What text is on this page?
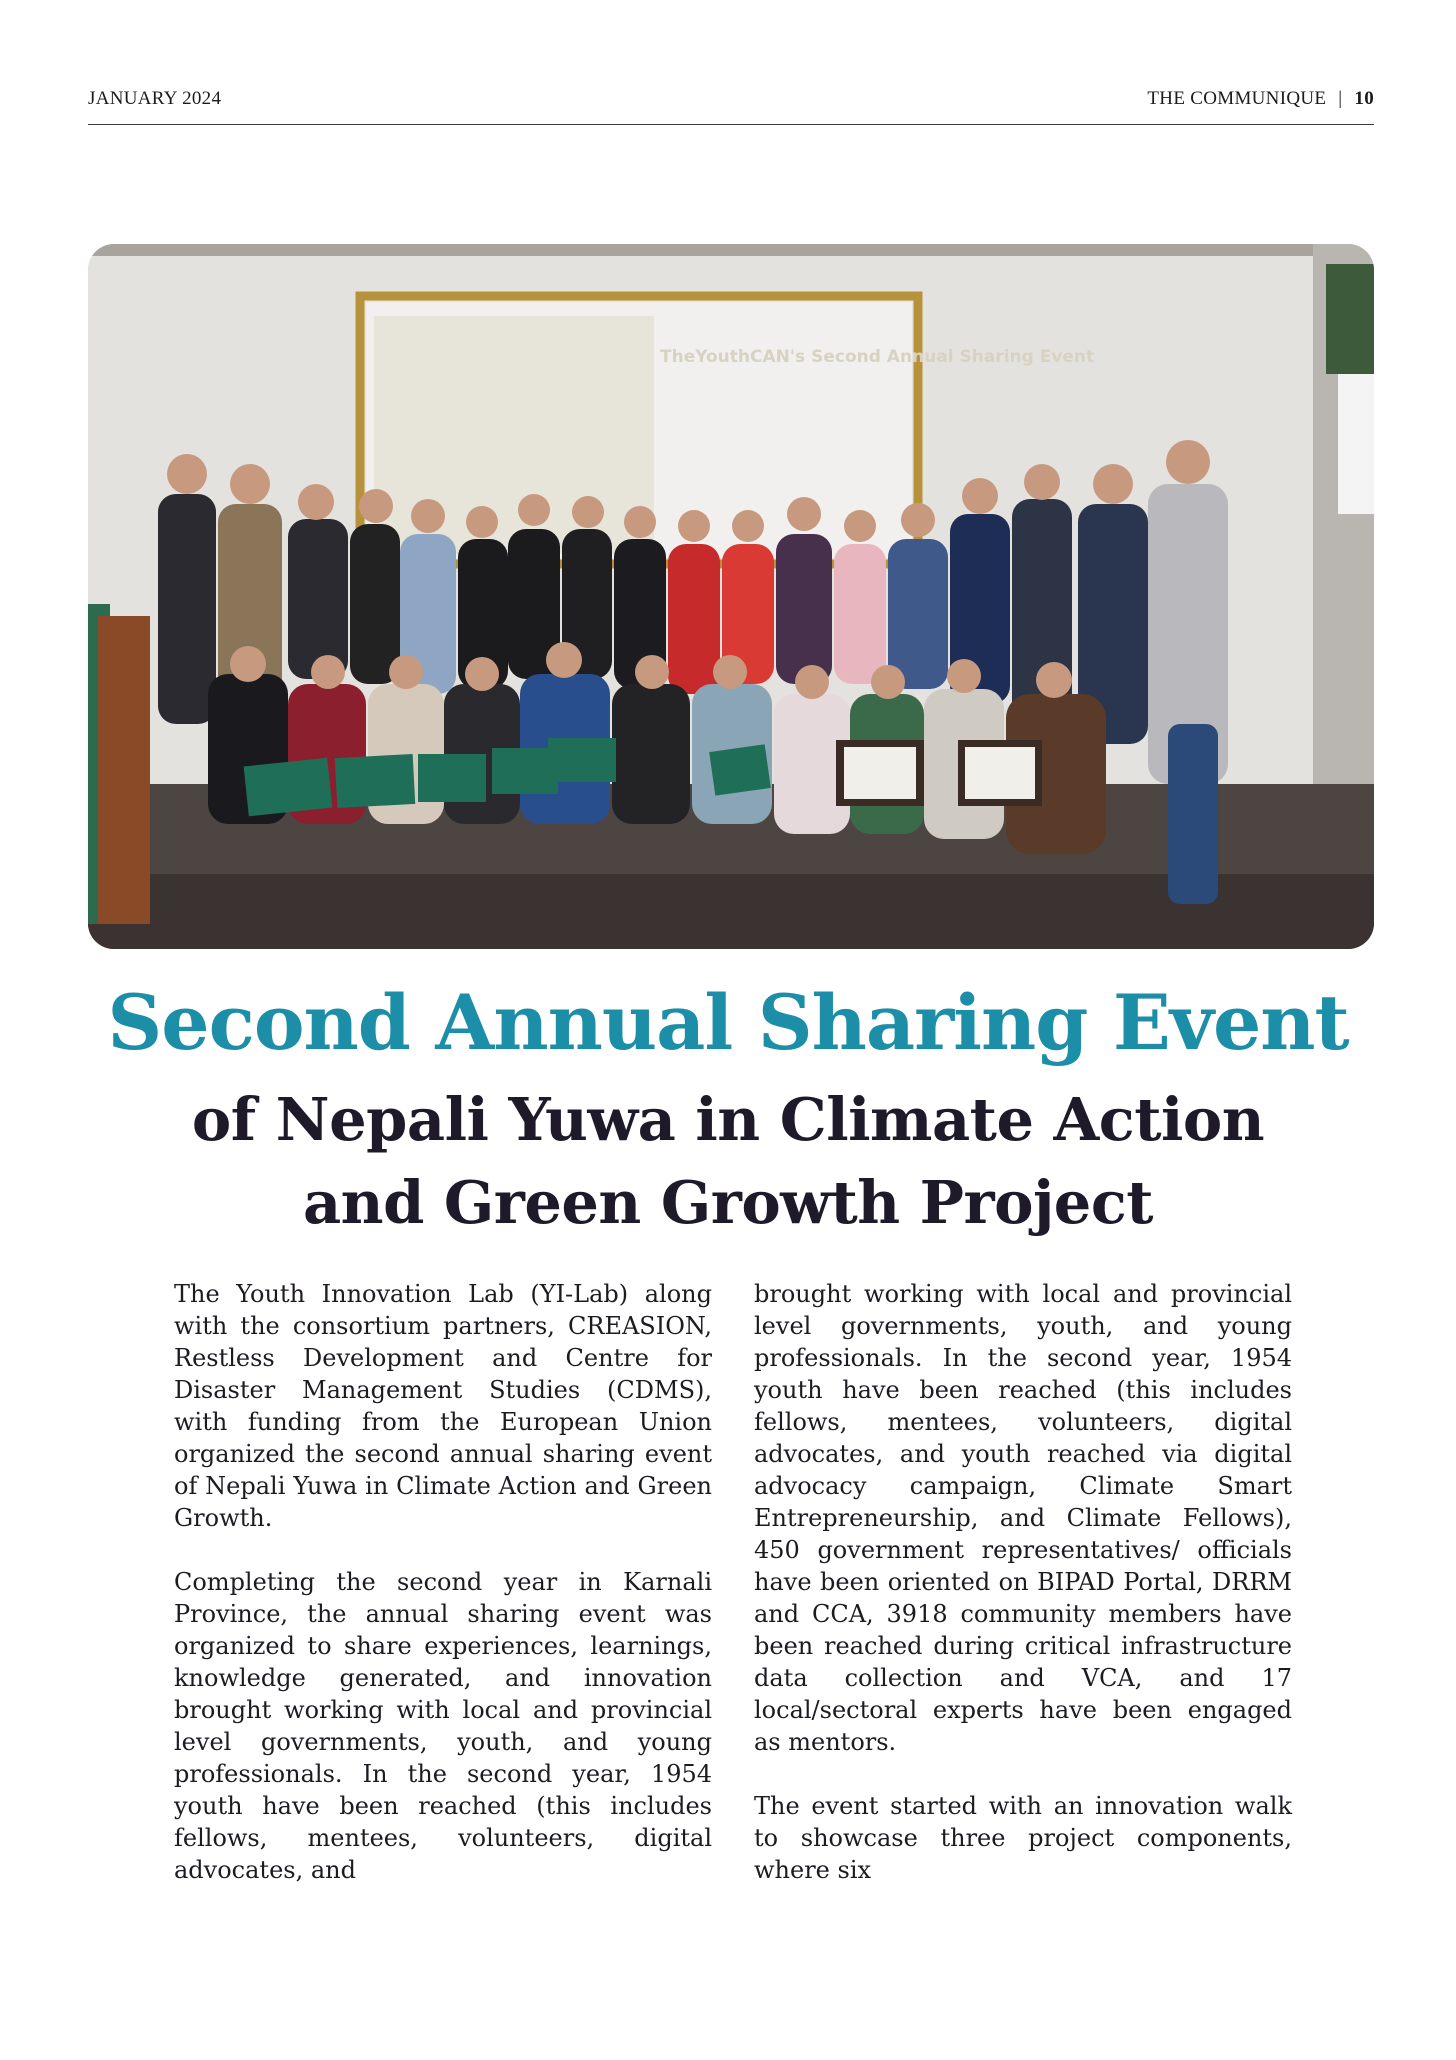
JANUARY 2024	THE COMMUNIQUE | 10
TheYouthCAN's Second Annual Sharing Event
Second Annual Sharing Event
of Nepali Yuwa in Climate Action
and Green Growth Project

The Youth Innovation Lab (YI-Lab) along with the consortium partners, CREASION, Restless Development and Centre for Disaster Management Studies (CDMS), with funding from the European Union organized the second annual sharing event of Nepali Yuwa in Climate Action and Green Growth.

Completing the second year in Karnali Province, the annual sharing event was organized to share experiences, learnings, knowledge generated, and innovation brought working with local and provincial level governments, youth, and young professionals. In the second year, 1954 youth have been reached (this includes fellows, mentees, volunteers, digital advocates, and

brought working with local and provincial level governments, youth, and young professionals. In the second year, 1954 youth have been reached (this includes fellows, mentees, volunteers, digital advocates, and youth reached via digital advocacy campaign, Climate Smart Entrepreneurship, and Climate Fellows), 450 government representatives/ officials have been oriented on BIPAD Portal, DRRM and CCA, 3918 community members have been reached during critical infrastructure data collection and VCA, and 17 local/sectoral experts have been engaged as mentors.

The event started with an innovation walk to showcase three project components, where six
